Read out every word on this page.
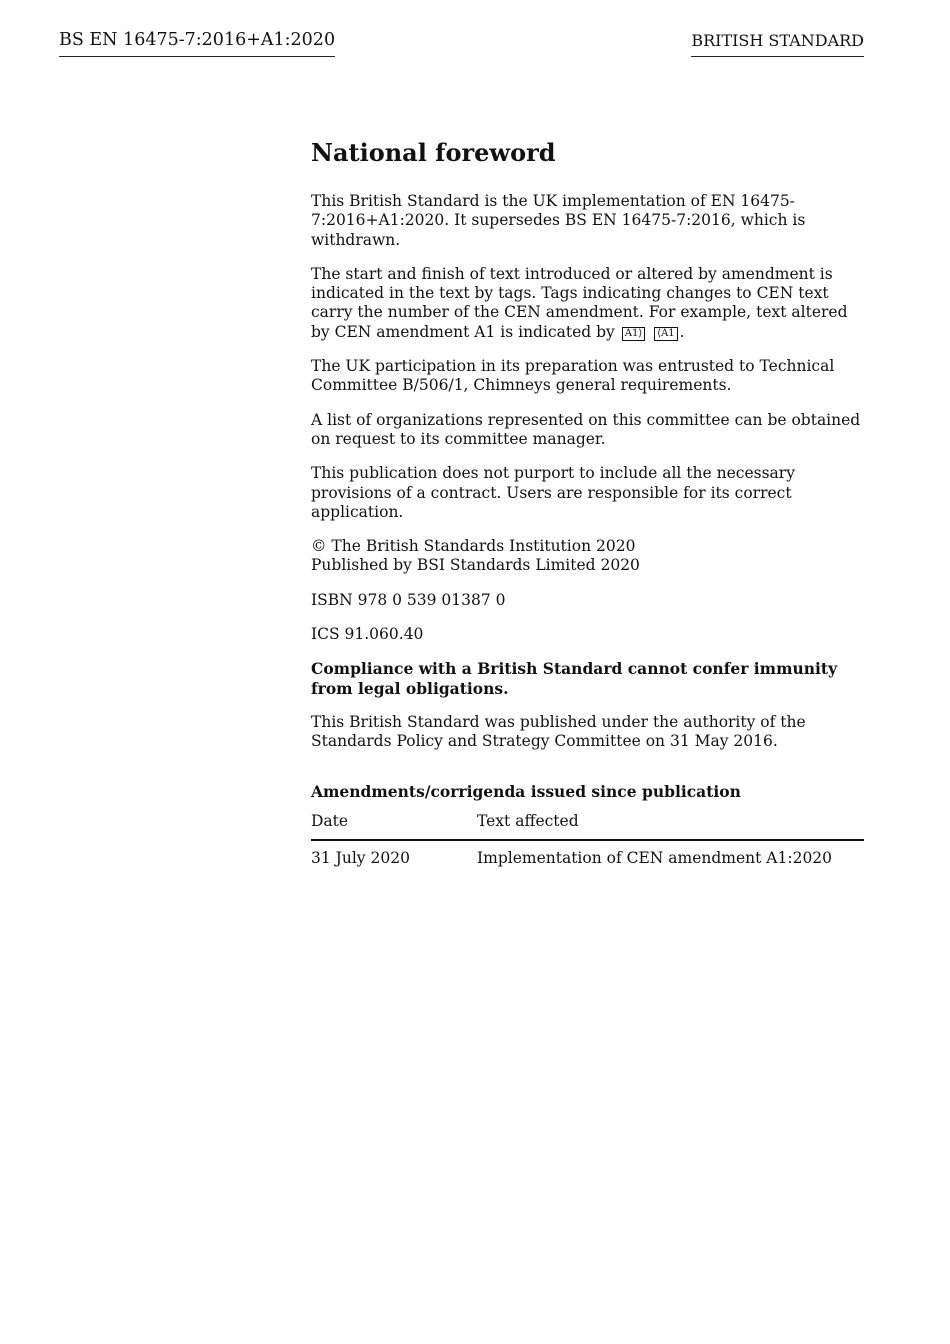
BS EN 16475-7:2016+A1:2020	BRITISH STANDARD
National foreword

This British Standard is the UK implementation of EN 16475-7:2016+A1:2020. It supersedes BS EN 16475-7:2016, which is withdrawn.

The start and finish of text introduced or altered by amendment is indicated in the text by tags. Tags indicating changes to CEN text carry the number of the CEN amendment. For example, text altered by CEN amendment A1 is indicated by A1⟩ ⟨A1 .

The UK participation in its preparation was entrusted to Technical Committee B/506/1, Chimneys general requirements.

A list of organizations represented on this committee can be obtained on request to its committee manager.

This publication does not purport to include all the necessary provisions of a contract. Users are responsible for its correct application.

© The British Standards Institution 2020
Published by BSI Standards Limited 2020

ISBN 978 0 539 01387 0

ICS 91.060.40

Compliance with a British Standard cannot confer immunity from legal obligations.

This British Standard was published under the authority of the Standards Policy and Strategy Committee on 31 May 2016.

Amendments/corrigenda issued since publication
Date	Text affected
31 July 2020	Implementation of CEN amendment A1:2020
